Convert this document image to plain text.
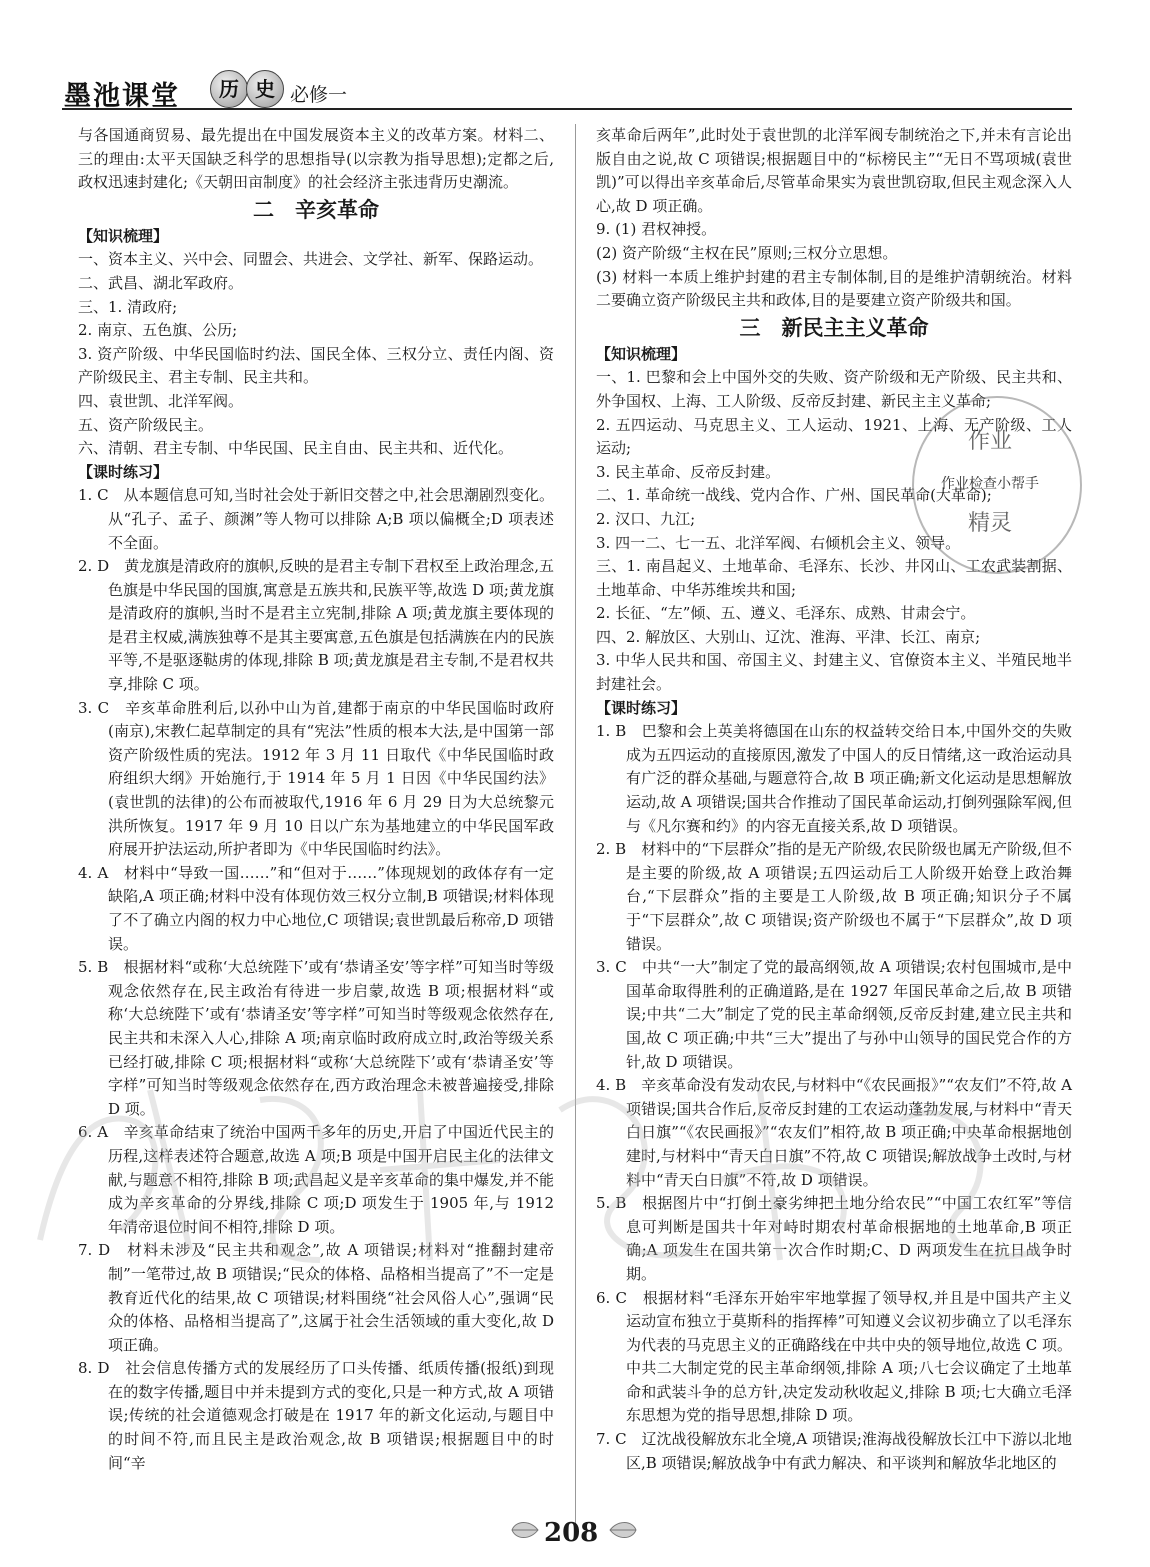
墨池课堂	历 史 必修一

与各国通商贸易、最先提出在中国发展资本主义的改革方案。材料二、三的理由:太平天国缺乏科学的思想指导(以宗教为指导思想);定都之后,政权迅速封建化;《天朝田亩制度》的社会经济主张违背历史潮流。

二　辛亥革命

【知识梳理】

一、资本主义、兴中会、同盟会、共进会、文学社、新军、保路运动。

二、武昌、湖北军政府。

三、1. 清政府;

2. 南京、五色旗、公历;

3. 资产阶级、中华民国临时约法、国民全体、三权分立、责任内阁、资产阶级民主、君主专制、民主共和。

四、袁世凯、北洋军阀。

五、资产阶级民主。

六、清朝、君主专制、中华民国、民主自由、民主共和、近代化。

【课时练习】

1. C　从本题信息可知,当时社会处于新旧交替之中,社会思潮剧烈变化。从“孔子、孟子、颜渊”等人物可以排除 A;B 项以偏概全;D 项表述不全面。

2. D　黄龙旗是清政府的旗帜,反映的是君主专制下君权至上政治理念,五色旗是中华民国的国旗,寓意是五族共和,民族平等,故选 D 项;黄龙旗是清政府的旗帜,当时不是君主立宪制,排除 A 项;黄龙旗主要体现的是君主权威,满族独尊不是其主要寓意,五色旗是包括满族在内的民族平等,不是驱逐鞑虏的体现,排除 B 项;黄龙旗是君主专制,不是君权共享,排除 C 项。

3. C　辛亥革命胜利后,以孙中山为首,建都于南京的中华民国临时政府(南京),宋教仁起草制定的具有“宪法”性质的根本大法,是中国第一部资产阶级性质的宪法。1912 年 3 月 11 日取代《中华民国临时政府组织大纲》开始施行,于 1914 年 5 月 1 日因《中华民国约法》(袁世凯的法律)的公布而被取代,1916 年 6 月 29 日为大总统黎元洪所恢复。1917 年 9 月 10 日以广东为基地建立的中华民国军政府展开护法运动,所护者即为《中华民国临时约法》。

4. A　材料中“导致一国……”和“但对于……”体现规划的政体存有一定缺陷,A 项正确;材料中没有体现仿效三权分立制,B 项错误;材料体现了不了确立内阁的权力中心地位,C 项错误;袁世凯最后称帝,D 项错误。

5. B　根据材料“或称‘大总统陛下’或有‘恭请圣安’等字样”可知当时等级观念依然存在,民主政治有待进一步启蒙,故选 B 项;根据材料“或称‘大总统陛下’或有‘恭请圣安’等字样”可知当时等级观念依然存在,民主共和未深入人心,排除 A 项;南京临时政府成立时,政治等级关系已经打破,排除 C 项;根据材料“或称‘大总统陛下’或有‘恭请圣安’等字样”可知当时等级观念依然存在,西方政治理念未被普遍接受,排除 D 项。

6. A　辛亥革命结束了统治中国两千多年的历史,开启了中国近代民主的历程,这样表述符合题意,故选 A 项;B 项是中国开启民主化的法律文献,与题意不相符,排除 B 项;武昌起义是辛亥革命的集中爆发,并不能成为辛亥革命的分界线,排除 C 项;D 项发生于 1905 年,与 1912 年清帝退位时间不相符,排除 D 项。

7. D　材料未涉及“民主共和观念”,故 A 项错误;材料对“推翻封建帝制”一笔带过,故 B 项错误;“民众的体格、品格相当提高了”不一定是教育近代化的结果,故 C 项错误;材料围绕“社会风俗人心”,强调“民众的体格、品格相当提高了”,这属于社会生活领域的重大变化,故 D 项正确。

8. D　社会信息传播方式的发展经历了口头传播、纸质传播(报纸)到现在的数字传播,题目中并未提到方式的变化,只是一种方式,故 A 项错误;传统的社会道德观念打破是在 1917 年的新文化运动,与题目中的时间不符,而且民主是政治观念,故 B 项错误;根据题目中的时间“辛

亥革命后两年”,此时处于袁世凯的北洋军阀专制统治之下,并未有言论出版自由之说,故 C 项错误;根据题目中的“标榜民主”“无日不骂项城(袁世凯)”可以得出辛亥革命后,尽管革命果实为袁世凯窃取,但民主观念深入人心,故 D 项正确。

9. (1) 君权神授。

(2) 资产阶级“主权在民”原则;三权分立思想。

(3) 材料一本质上维护封建的君主专制体制,目的是维护清朝统治。材料二要确立资产阶级民主共和政体,目的是要建立资产阶级共和国。

三　新民主主义革命

【知识梳理】

一、1. 巴黎和会上中国外交的失败、资产阶级和无产阶级、民主共和、外争国权、上海、工人阶级、反帝反封建、新民主主义革命;

2. 五四运动、马克思主义、工人运动、1921、上海、无产阶级、工人运动;

3. 民主革命、反帝反封建。

二、1. 革命统一战线、党内合作、广州、国民革命(大革命);

2. 汉口、九江;

3. 四一二、七一五、北洋军阀、右倾机会主义、领导。

三、1. 南昌起义、土地革命、毛泽东、长沙、井冈山、工农武装割据、土地革命、中华苏维埃共和国;

2. 长征、“左”倾、五、遵义、毛泽东、成熟、甘肃会宁。

四、2. 解放区、大别山、辽沈、淮海、平津、长江、南京;

3. 中华人民共和国、帝国主义、封建主义、官僚资本主义、半殖民地半封建社会。

【课时练习】

1. B　巴黎和会上英美将德国在山东的权益转交给日本,中国外交的失败成为五四运动的直接原因,激发了中国人的反日情绪,这一政治运动具有广泛的群众基础,与题意符合,故 B 项正确;新文化运动是思想解放运动,故 A 项错误;国共合作推动了国民革命运动,打倒列强除军阀,但与《凡尔赛和约》的内容无直接关系,故 D 项错误。

2. B　材料中的“下层群众”指的是无产阶级,农民阶级也属无产阶级,但不是主要的阶级,故 A 项错误;五四运动后工人阶级开始登上政治舞台,“下层群众”指的主要是工人阶级,故 B 项正确;知识分子不属于“下层群众”,故 C 项错误;资产阶级也不属于“下层群众”,故 D 项错误。

3. C　中共“一大”制定了党的最高纲领,故 A 项错误;农村包围城市,是中国革命取得胜利的正确道路,是在 1927 年国民革命之后,故 B 项错误;中共“二大”制定了党的民主革命纲领,反帝反封建,建立民主共和国,故 C 项正确;中共“三大”提出了与孙中山领导的国民党合作的方针,故 D 项错误。

4. B　辛亥革命没有发动农民,与材料中“《农民画报》”“农友们”不符,故 A 项错误;国共合作后,反帝反封建的工农运动蓬勃发展,与材料中“青天白日旗”“《农民画报》”“农友们”相符,故 B 项正确;中央革命根据地创建时,与材料中“青天白日旗”不符,故 C 项错误;解放战争土改时,与材料中“青天白日旗”不符,故 D 项错误。

5. B　根据图片中“打倒土豪劣绅把土地分给农民”“中国工农红军”等信息可判断是国共十年对峙时期农村革命根据地的土地革命,B 项正确;A 项发生在国共第一次合作时期;C、D 两项发生在抗日战争时期。

6. C　根据材料“毛泽东开始牢牢地掌握了领导权,并且是中国共产主义运动宣布独立于莫斯科的指挥棒”可知遵义会议初步确立了以毛泽东为代表的马克思主义的正确路线在中共中央的领导地位,故选 C 项。中共二大制定党的民主革命纲领,排除 A 项;八七会议确定了土地革命和武装斗争的总方针,决定发动秋收起义,排除 B 项;七大确立毛泽东思想为党的指导思想,排除 D 项。

7. C　辽沈战役解放东北全境,A 项错误;淮海战役解放长江中下游以北地区,B 项错误;解放战争中有武力解决、和平谈判和解放华北地区的

作业
作业检查小帮手
精灵
208
